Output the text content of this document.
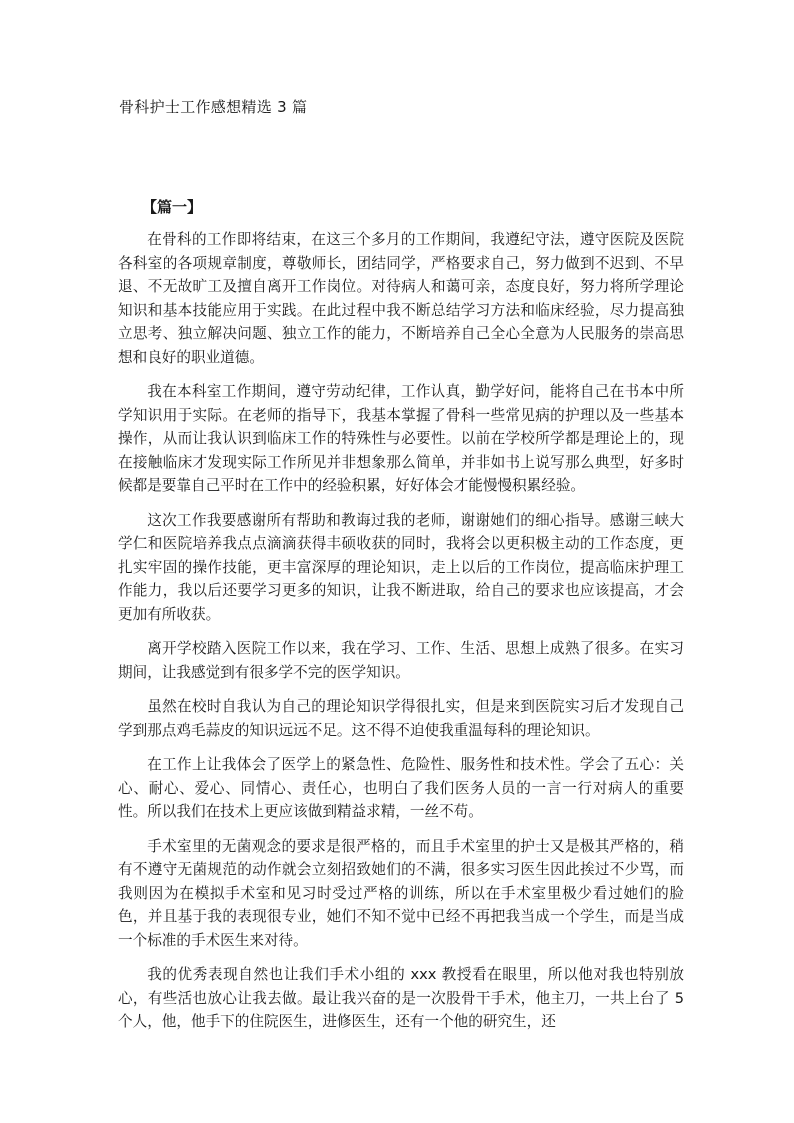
骨科护士工作感想精选 3 篇
【篇一】

在骨科的工作即将结束，在这三个多月的工作期间，我遵纪守法，遵守医院及医院各科室的各项规章制度，尊敬师长，团结同学，严格要求自己，努力做到不迟到、不早退、不无故旷工及擅自离开工作岗位。对待病人和蔼可亲，态度良好，努力将所学理论知识和基本技能应用于实践。在此过程中我不断总结学习方法和临床经验，尽力提高独立思考、独立解决问题、独立工作的能力，不断培养自己全心全意为人民服务的崇高思想和良好的职业道德。

我在本科室工作期间，遵守劳动纪律，工作认真，勤学好问，能将自己在书本中所学知识用于实际。在老师的指导下，我基本掌握了骨科一些常见病的护理以及一些基本操作，从而让我认识到临床工作的特殊性与必要性。以前在学校所学都是理论上的，现在接触临床才发现实际工作所见并非想象那么简单，并非如书上说写那么典型，好多时候都是要靠自己平时在工作中的经验积累，好好体会才能慢慢积累经验。

这次工作我要感谢所有帮助和教诲过我的老师，谢谢她们的细心指导。感谢三峡大学仁和医院培养我点点滴滴获得丰硕收获的同时，我将会以更积极主动的工作态度，更扎实牢固的操作技能，更丰富深厚的理论知识，走上以后的工作岗位，提高临床护理工作能力，我以后还要学习更多的知识，让我不断进取，给自己的要求也应该提高，才会更加有所收获。

离开学校踏入医院工作以来，我在学习、工作、生活、思想上成熟了很多。在实习期间，让我感觉到有很多学不完的医学知识。

虽然在校时自我认为自己的理论知识学得很扎实，但是来到医院实习后才发现自己学到那点鸡毛蒜皮的知识远远不足。这不得不迫使我重温每科的理论知识。

在工作上让我体会了医学上的紧急性、危险性、服务性和技术性。学会了五心：关心、耐心、爱心、同情心、责任心，也明白了我们医务人员的一言一行对病人的重要性。所以我们在技术上更应该做到精益求精，一丝不苟。

手术室里的无菌观念的要求是很严格的，而且手术室里的护士又是极其严格的，稍有不遵守无菌规范的动作就会立刻招致她们的不满，很多实习医生因此挨过不少骂，而我则因为在模拟手术室和见习时受过严格的训练，所以在手术室里极少看过她们的脸色，并且基于我的表现很专业，她们不知不觉中已经不再把我当成一个学生，而是当成一个标准的手术医生来对待。

我的优秀表现自然也让我们手术小组的 xxx 教授看在眼里，所以他对我也特别放心，有些活也放心让我去做。最让我兴奋的是一次股骨干手术，他主刀，一共上台了 5 个人，他，他手下的住院医生，进修医生，还有一个他的研究生，还
